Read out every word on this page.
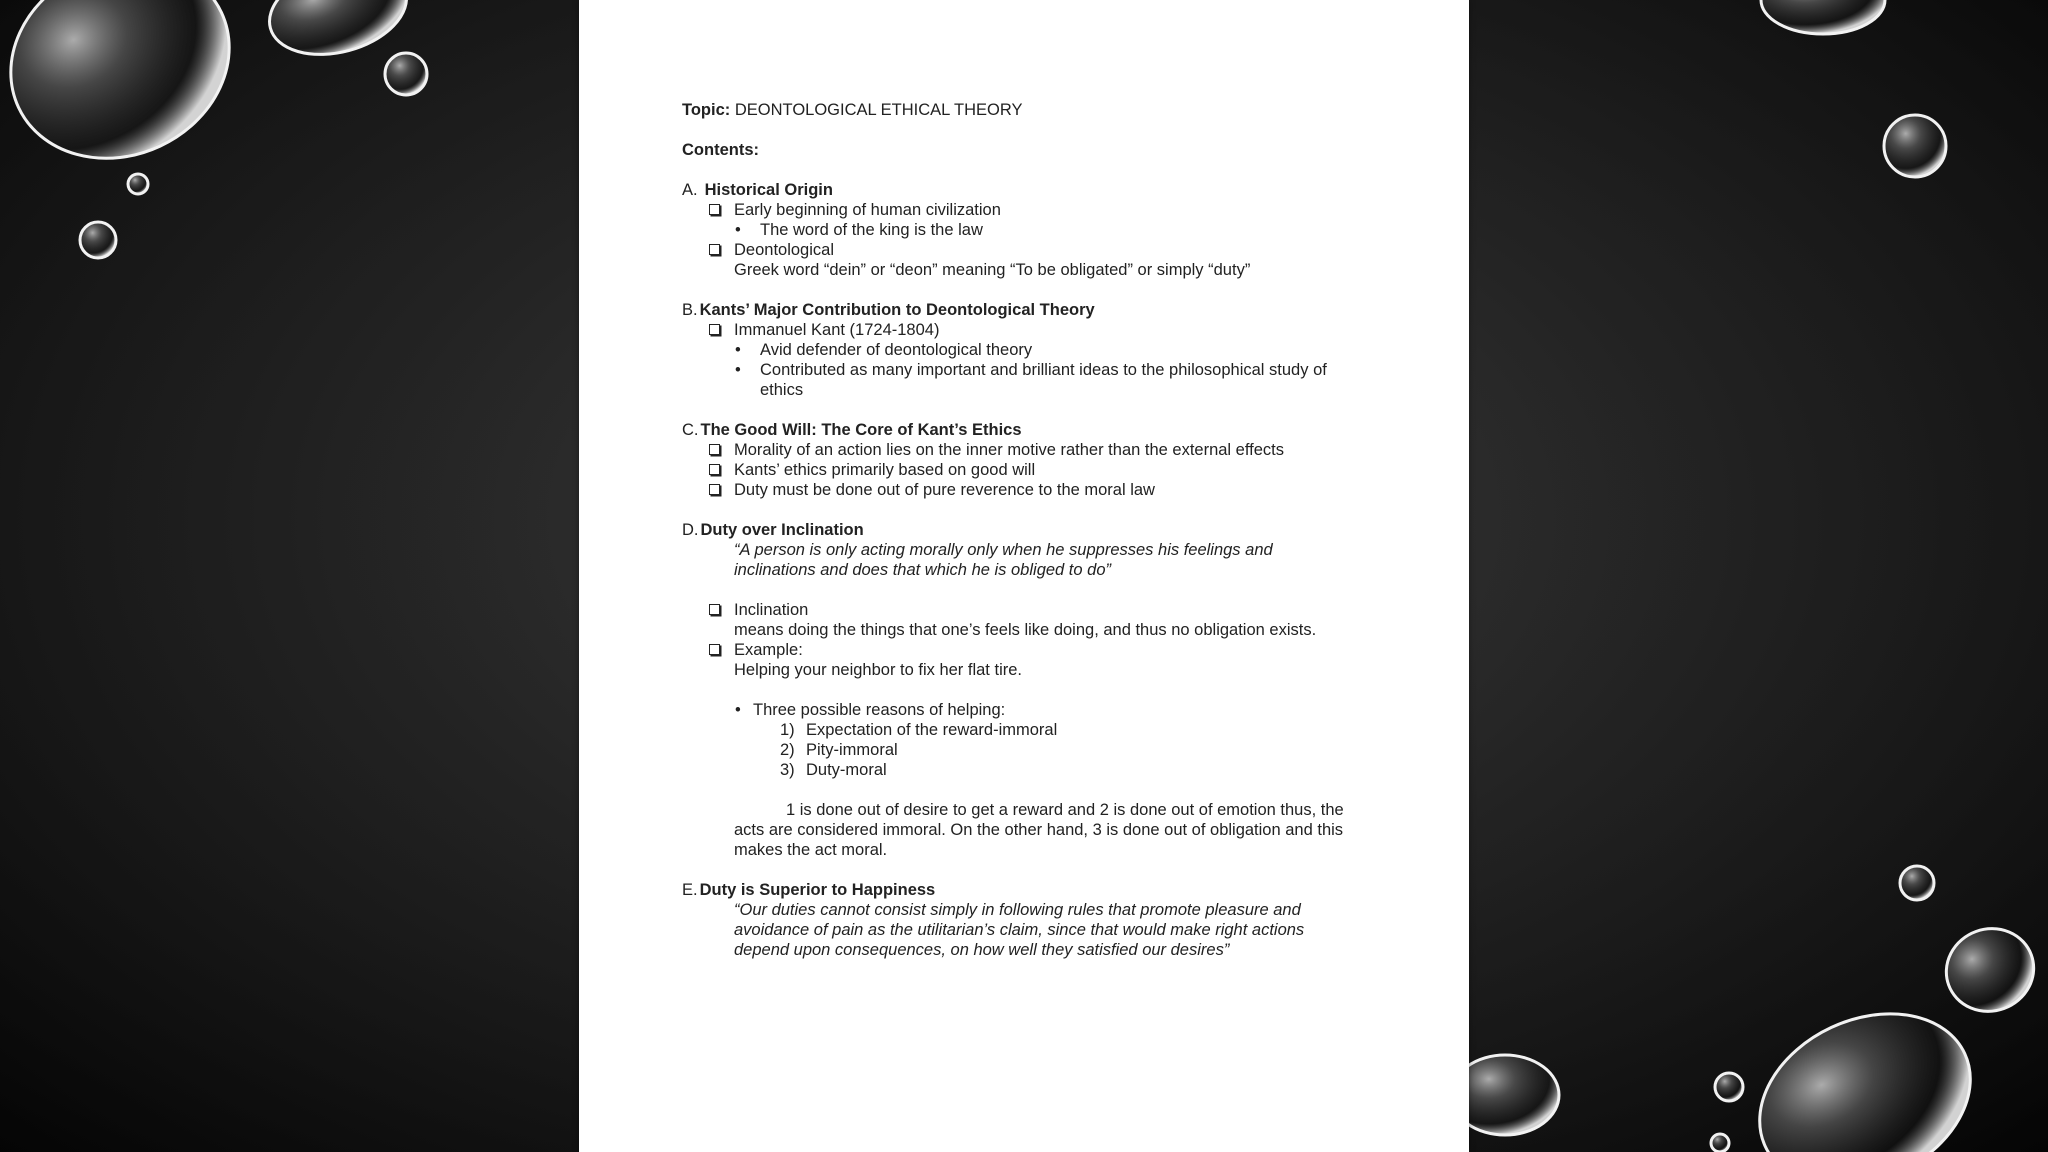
Topic: DEONTOLOGICAL ETHICAL THEORY
Contents:
A. Historical Origin
Early beginning of human civilization
• The word of the king is the law
Deontological
Greek word “dein” or “deon” meaning “To be obligated” or simply “duty”
B. Kants’ Major Contribution to Deontological Theory
Immanuel Kant (1724-1804)
• Avid defender of deontological theory
• Contributed as many important and brilliant ideas to the philosophical study of ethics
C. The Good Will: The Core of Kant’s Ethics
Morality of an action lies on the inner motive rather than the external effects
Kants’ ethics primarily based on good will
Duty must be done out of pure reverence to the moral law
D. Duty over Inclination
“A person is only acting morally only when he suppresses his feelings and inclinations and does that which he is obliged to do”
Inclination
means doing the things that one’s feels like doing, and thus no obligation exists.
Example:
Helping your neighbor to fix her flat tire.
• Three possible reasons of helping:
1) Expectation of the reward-immoral
2) Pity-immoral
3) Duty-moral
1 is done out of desire to get a reward and 2 is done out of emotion thus, the acts are considered immoral. On the other hand, 3 is done out of obligation and this makes the act moral.
E. Duty is Superior to Happiness
“Our duties cannot consist simply in following rules that promote pleasure and avoidance of pain as the utilitarian’s claim, since that would make right actions depend upon consequences, on how well they satisfied our desires”
